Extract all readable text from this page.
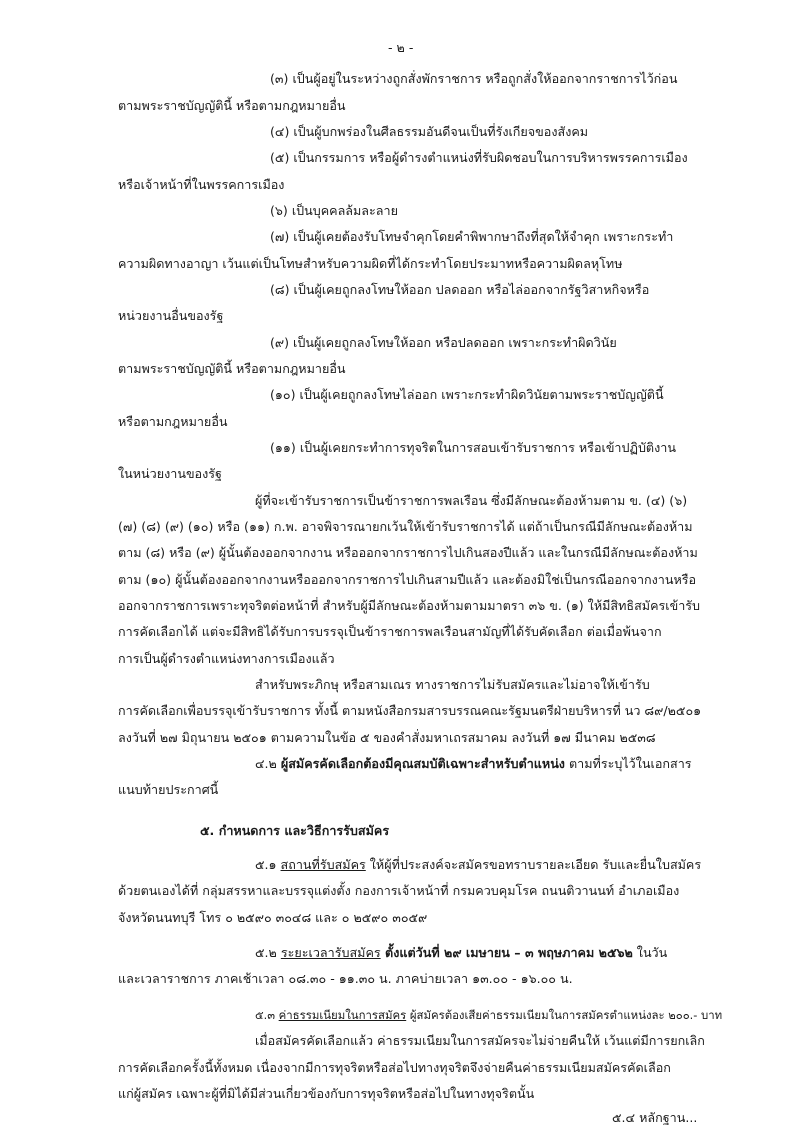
- ๒ -
(๓) เป็นผู้อยู่ในระหว่างถูกสั่งพักราชการ หรือถูกสั่งให้ออกจากราชการไว้ก่อน
ตามพระราชบัญญัตินี้ หรือตามกฎหมายอื่น
(๔) เป็นผู้บกพร่องในศีลธรรมอันดีจนเป็นที่รังเกียจของสังคม
(๕) เป็นกรรมการ หรือผู้ดำรงตำแหน่งที่รับผิดชอบในการบริหารพรรคการเมือง
หรือเจ้าหน้าที่ในพรรคการเมือง
(๖) เป็นบุคคลล้มละลาย
(๗) เป็นผู้เคยต้องรับโทษจำคุกโดยคำพิพากษาถึงที่สุดให้จำคุก เพราะกระทำ
ความผิดทางอาญา เว้นแต่เป็นโทษสำหรับความผิดที่ได้กระทำโดยประมาทหรือความผิดลหุโทษ
(๘) เป็นผู้เคยถูกลงโทษให้ออก ปลดออก หรือไล่ออกจากรัฐวิสาหกิจหรือ
หน่วยงานอื่นของรัฐ
(๙) เป็นผู้เคยถูกลงโทษให้ออก หรือปลดออก เพราะกระทำผิดวินัย
ตามพระราชบัญญัตินี้ หรือตามกฎหมายอื่น
(๑๐) เป็นผู้เคยถูกลงโทษไล่ออก เพราะกระทำผิดวินัยตามพระราชบัญญัตินี้
หรือตามกฎหมายอื่น
(๑๑) เป็นผู้เคยกระทำการทุจริตในการสอบเข้ารับราชการ หรือเข้าปฏิบัติงาน
ในหน่วยงานของรัฐ
ผู้ที่จะเข้ารับราชการเป็นข้าราชการพลเรือน ซึ่งมีลักษณะต้องห้ามตาม ข. (๔) (๖)
(๗) (๘) (๙) (๑๐) หรือ (๑๑) ก.พ. อาจพิจารณายกเว้นให้เข้ารับราชการได้ แต่ถ้าเป็นกรณีมีลักษณะต้องห้าม
ตาม (๘) หรือ (๙) ผู้นั้นต้องออกจากงาน หรือออกจากราชการไปเกินสองปีแล้ว และในกรณีมีลักษณะต้องห้าม
ตาม (๑๐) ผู้นั้นต้องออกจากงานหรือออกจากราชการไปเกินสามปีแล้ว และต้องมิใช่เป็นกรณีออกจากงานหรือ
ออกจากราชการเพราะทุจริตต่อหน้าที่ สำหรับผู้มีลักษณะต้องห้ามตามมาตรา ๓๖ ข. (๑) ให้มีสิทธิสมัครเข้ารับ
การคัดเลือกได้ แต่จะมีสิทธิได้รับการบรรจุเป็นข้าราชการพลเรือนสามัญที่ได้รับคัดเลือก ต่อเมื่อพ้นจาก
การเป็นผู้ดำรงตำแหน่งทางการเมืองแล้ว
สำหรับพระภิกษุ หรือสามเณร ทางราชการไม่รับสมัครและไม่อาจให้เข้ารับ
การคัดเลือกเพื่อบรรจุเข้ารับราชการ ทั้งนี้ ตามหนังสือกรมสารบรรณคณะรัฐมนตรีฝ่ายบริหารที่ นว ๘๙/๒๕๐๑
ลงวันที่ ๒๗ มิถุนายน ๒๕๐๑ ตามความในข้อ ๕ ของคำสั่งมหาเถรสมาคม ลงวันที่ ๑๗ มีนาคม ๒๕๓๘
๔.๒ ผู้สมัครคัดเลือกต้องมีคุณสมบัติเฉพาะสำหรับตำแหน่ง ตามที่ระบุไว้ในเอกสาร
แนบท้ายประกาศนี้
๕. กำหนดการ และวิธีการรับสมัคร
๕.๑ สถานที่รับสมัคร ให้ผู้ที่ประสงค์จะสมัครขอทราบรายละเอียด รับและยื่นใบสมัคร
ด้วยตนเองได้ที่ กลุ่มสรรหาและบรรจุแต่งตั้ง กองการเจ้าหน้าที่ กรมควบคุมโรค ถนนติวานนท์ อำเภอเมือง
จังหวัดนนทบุรี โทร ๐ ๒๕๙๐ ๓๐๔๘ และ ๐ ๒๕๙๐ ๓๐๕๙
๕.๒ ระยะเวลารับสมัคร ตั้งแต่วันที่ ๒๙ เมษายน – ๓ พฤษภาคม ๒๕๖๒ ในวัน
และเวลาราชการ ภาคเช้าเวลา ๐๘.๓๐ - ๑๑.๓๐ น. ภาคบ่ายเวลา ๑๓.๐๐ - ๑๖.๐๐ น.
๕.๓ ค่าธรรมเนียมในการสมัคร ผู้สมัครต้องเสียค่าธรรมเนียมในการสมัครตำแหน่งละ ๒๐๐.- บาท
เมื่อสมัครคัดเลือกแล้ว ค่าธรรมเนียมในการสมัครจะไม่จ่ายคืนให้ เว้นแต่มีการยกเลิก
การคัดเลือกครั้งนี้ทั้งหมด เนื่องจากมีการทุจริตหรือส่อไปทางทุจริตจึงจ่ายคืนค่าธรรมเนียมสมัครคัดเลือก
แก่ผู้สมัคร เฉพาะผู้ที่มิได้มีส่วนเกี่ยวข้องกับการทุจริตหรือส่อไปในทางทุจริตนั้น
๕.๔ หลักฐาน...
